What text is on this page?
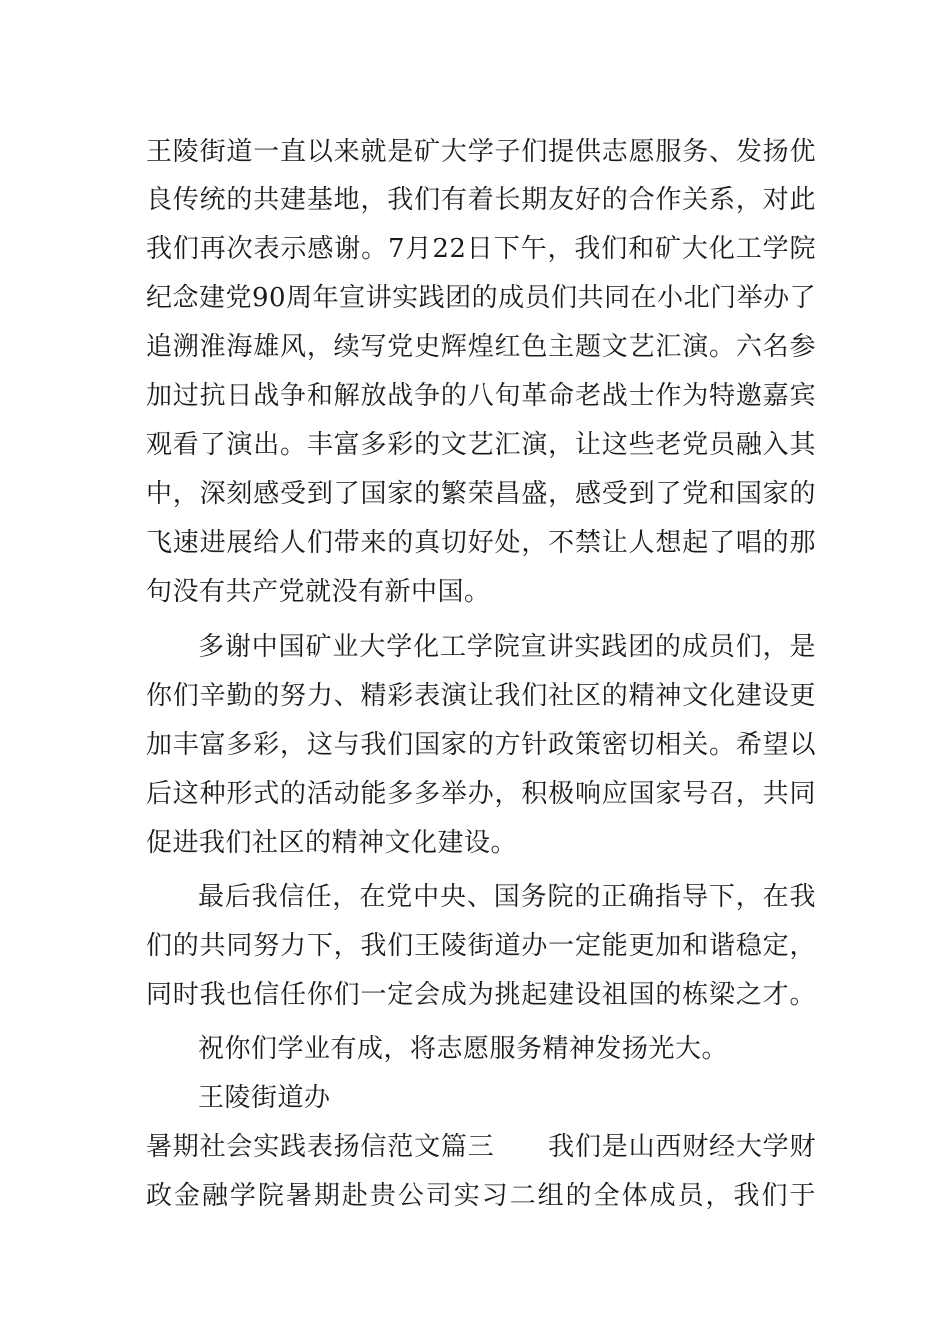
王陵街道一直以来就是矿大学子们提供志愿服务、发扬优
良传统的共建基地，我们有着长期友好的合作关系，对此
我们再次表示感谢。7月22日下午，我们和矿大化工学院
纪念建党90周年宣讲实践团的成员们共同在小北门举办了
追溯淮海雄风，续写党史辉煌红色主题文艺汇演。六名参
加过抗日战争和解放战争的八旬革命老战士作为特邀嘉宾
观看了演出。丰富多彩的文艺汇演，让这些老党员融入其
中，深刻感受到了国家的繁荣昌盛，感受到了党和国家的
飞速进展给人们带来的真切好处，不禁让人想起了唱的那
句没有共产党就没有新中国。
多谢中国矿业大学化工学院宣讲实践团的成员们，是
你们辛勤的努力、精彩表演让我们社区的精神文化建设更
加丰富多彩，这与我们国家的方针政策密切相关。希望以
后这种形式的活动能多多举办，积极响应国家号召，共同
促进我们社区的精神文化建设。
最后我信任，在党中央、国务院的正确指导下，在我
们的共同努力下，我们王陵街道办一定能更加和谐稳定，
同时我也信任你们一定会成为挑起建设祖国的栋梁之才。
祝你们学业有成，将志愿服务精神发扬光大。
王陵街道办
暑期社会实践表扬信范文篇三　　我们是山西财经大学财
政金融学院暑期赴贵公司实习二组的全体成员，我们于
